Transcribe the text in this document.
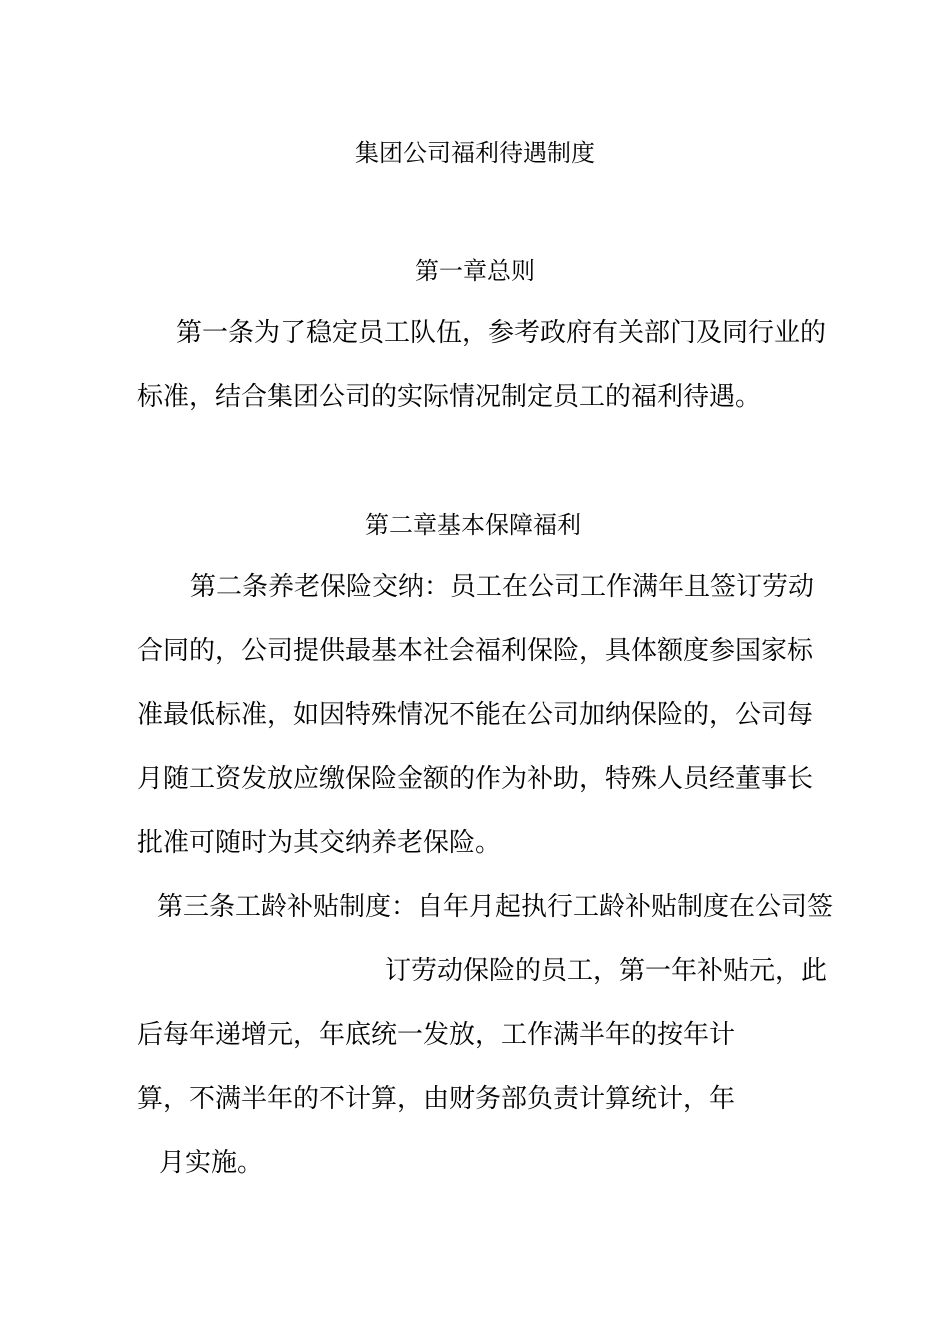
集团公司福利待遇制度
第一章总则
第一条为了稳定员工队伍，参考政府有关部门及同行业的
标准，结合集团公司的实际情况制定员工的福利待遇。
第二章基本保障福利
第二条养老保险交纳：员工在公司工作满年且签订劳动
合同的，公司提供最基本社会福利保险，具体额度参国家标
准最低标准，如因特殊情况不能在公司加纳保险的，公司每
月随工资发放应缴保险金额的作为补助，特殊人员经董事长
批准可随时为其交纳养老保险。
第三条工龄补贴制度：自年月起执行工龄补贴制度在公司签
订劳动保险的员工，第一年补贴元，此
后每年递增元，年底统一发放，工作满半年的按年计
算，不满半年的不计算，由财务部负责计算统计，年
月实施。
